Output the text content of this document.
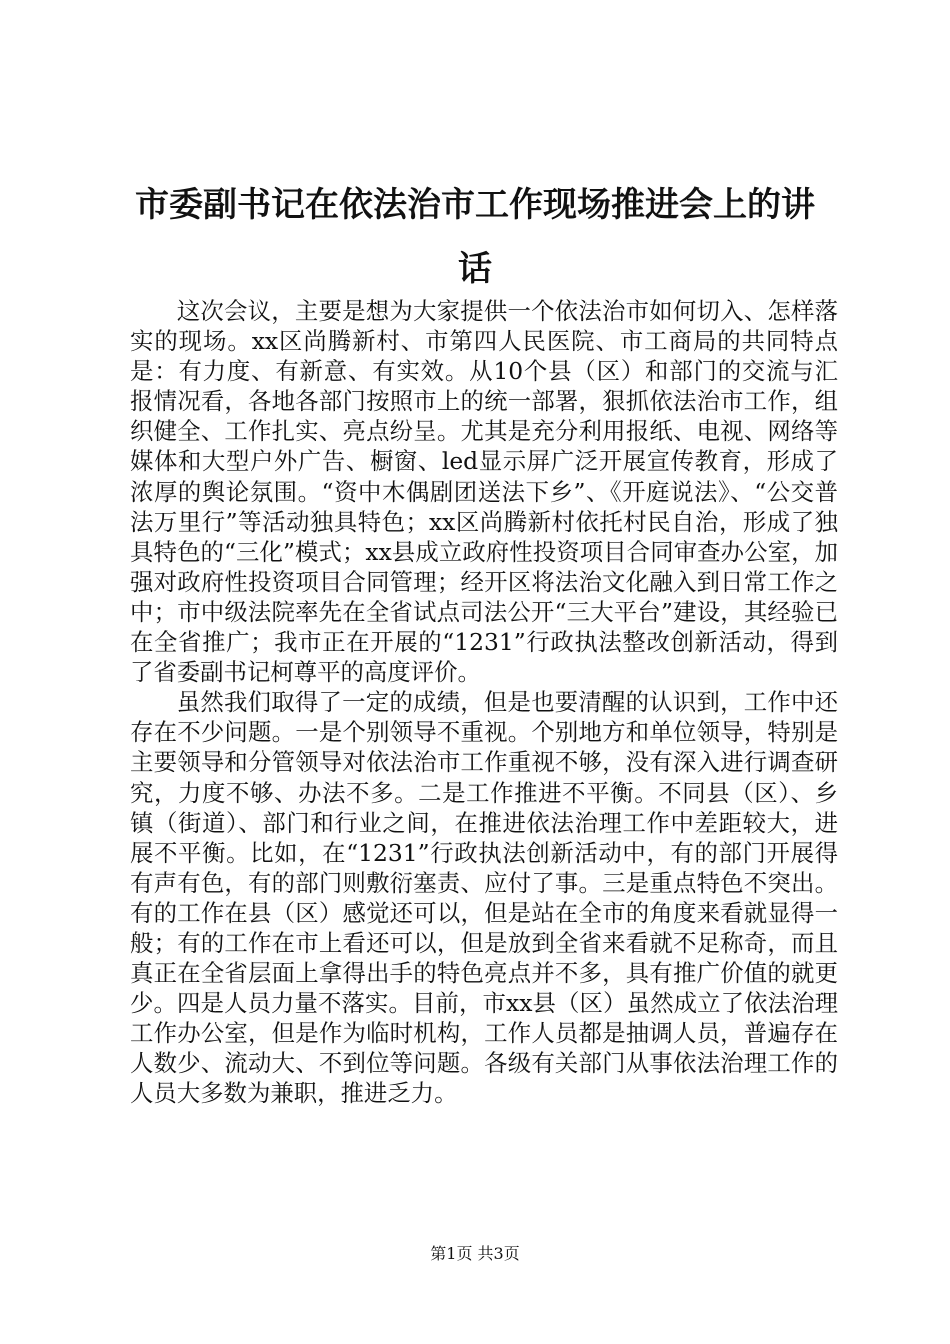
市委副书记在依法治市工作现场推进会上的讲话

这次会议，主要是想为大家提供一个依法治市如何切入、怎样落实的现场。xx区尚腾新村、市第四人民医院、市工商局的共同特点是：有力度、有新意、有实效。从10个县（区）和部门的交流与汇报情况看，各地各部门按照市上的统一部署，狠抓依法治市工作，组织健全、工作扎实、亮点纷呈。尤其是充分利用报纸、电视、网络等媒体和大型户外广告、橱窗、led显示屏广泛开展宣传教育，形成了浓厚的舆论氛围。“资中木偶剧团送法下乡”、《开庭说法》、“公交普法万里行”等活动独具特色；xx区尚腾新村依托村民自治，形成了独具特色的“三化”模式；xx县成立政府性投资项目合同审查办公室，加强对政府性投资项目合同管理；经开区将法治文化融入到日常工作之中；市中级法院率先在全省试点司法公开“三大平台”建设，其经验已在全省推广；我市正在开展的“1231”行政执法整改创新活动，得到了省委副书记柯尊平的高度评价。

虽然我们取得了一定的成绩，但是也要清醒的认识到，工作中还存在不少问题。一是个别领导不重视。个别地方和单位领导，特别是主要领导和分管领导对依法治市工作重视不够，没有深入进行调查研究，力度不够、办法不多。二是工作推进不平衡。不同县（区）、乡镇（街道）、部门和行业之间，在推进依法治理工作中差距较大，进展不平衡。比如，在“1231”行政执法创新活动中，有的部门开展得有声有色，有的部门则敷衍塞责、应付了事。三是重点特色不突出。有的工作在县（区）感觉还可以，但是站在全市的角度来看就显得一般；有的工作在市上看还可以，但是放到全省来看就不足称奇，而且真正在全省层面上拿得出手的特色亮点并不多，具有推广价值的就更少。四是人员力量不落实。目前，市xx县（区）虽然成立了依法治理工作办公室，但是作为临时机构，工作人员都是抽调人员，普遍存在人数少、流动大、不到位等问题。各级有关部门从事依法治理工作的人员大多数为兼职，推进乏力。

第1页 共3页
